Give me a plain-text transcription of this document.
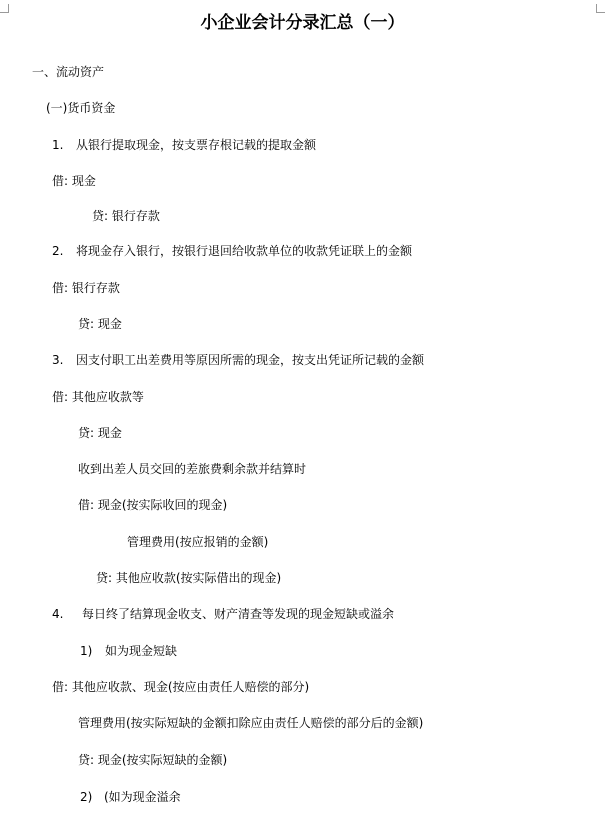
小企业会计分录汇总（一）
一、流动资产
(一)货币资金
1. 从银行提取现金，按支票存根记载的提取金额
借: 现金
贷: 银行存款
2. 将现金存入银行，按银行退回给收款单位的收款凭证联上的金额
借: 银行存款
贷: 现金
3. 因支付职工出差费用等原因所需的现金，按支出凭证所记载的金额
借: 其他应收款等
贷: 现金
收到出差人员交回的差旅费剩余款并结算时
借: 现金(按实际收回的现金)
管理费用(按应报销的金额)
贷: 其他应收款(按实际借出的现金)
4. 每日终了结算现金收支、财产清查等发现的现金短缺或溢余
1) 如为现金短缺
借: 其他应收款、现金(按应由责任人赔偿的部分)
管理费用(按实际短缺的金额扣除应由责任人赔偿的部分后的金额)
贷: 现金(按实际短缺的金额)
2) (如为现金溢余
